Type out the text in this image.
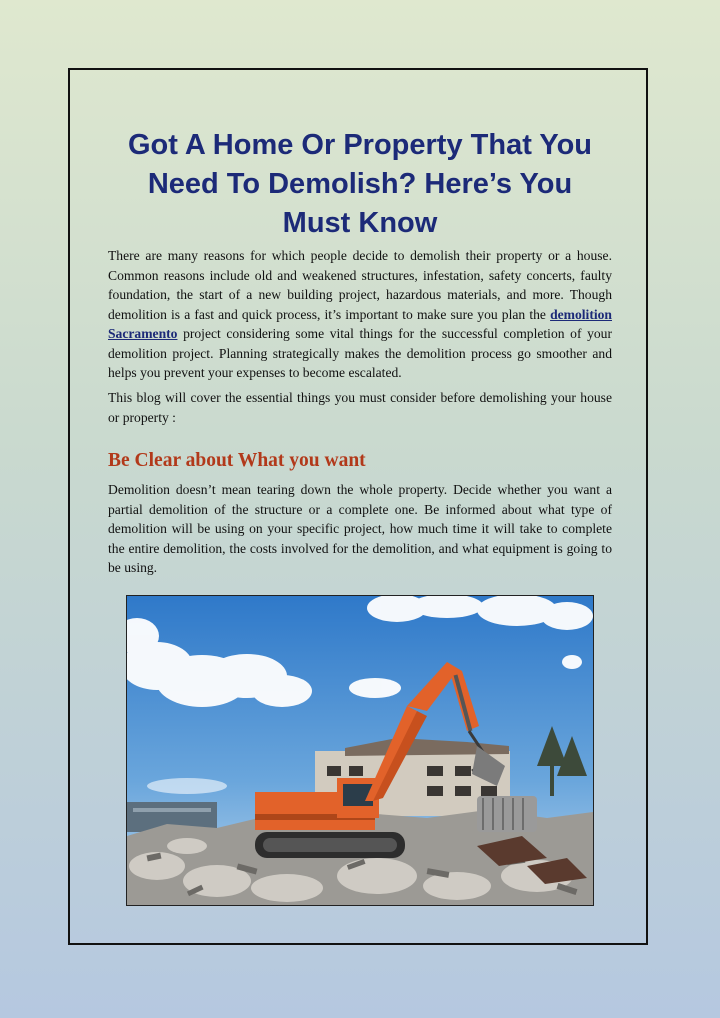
Got A Home Or Property That You Need To Demolish? Here’s You Must Know

There are many reasons for which people decide to demolish their property or a house. Common reasons include old and weakened structures, infestation, safety concerts, faulty foundation, the start of a new building project, hazardous materials, and more. Though demolition is a fast and quick process, it’s important to make sure you plan the demolition Sacramento project considering some vital things for the successful completion of your demolition project. Planning strategically makes the demolition process go smoother and helps you prevent your expenses to become escalated.

This blog will cover the essential things you must consider before demolishing your house or property :

Be Clear about What you want

Demolition doesn’t mean tearing down the whole property. Decide whether you want a partial demolition of the structure or a complete one. Be informed about what type of demolition will be using on your specific project, how much time it will take to complete the entire demolition, the costs involved for the demolition, and what equipment is going to be using.
